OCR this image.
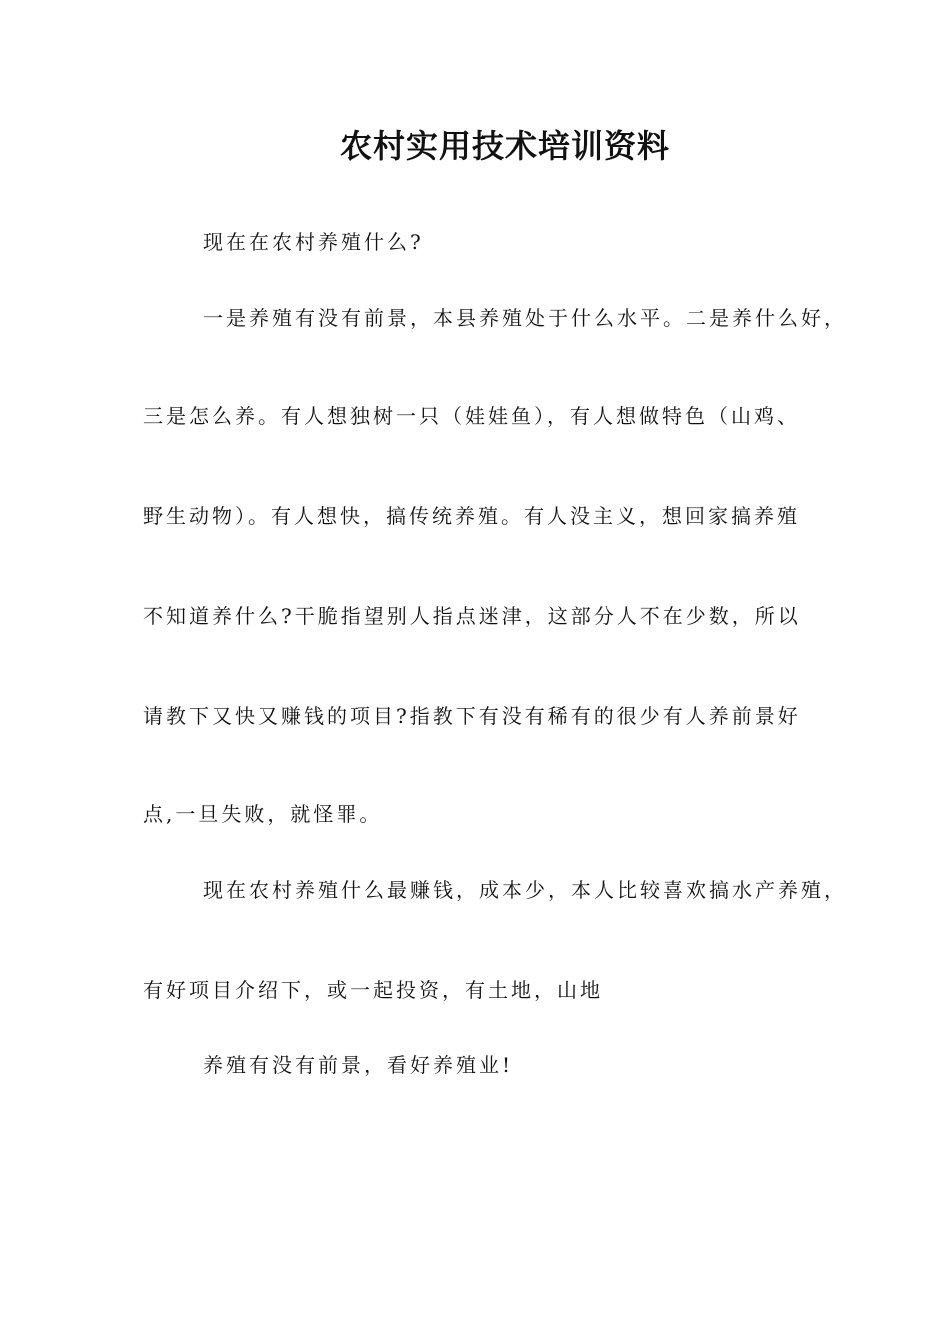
农村实用技术培训资料
现在在农村养殖什么?
一是养殖有没有前景，本县养殖处于什么水平。二是养什么好，
三是怎么养。有人想独树一只（娃娃鱼），有人想做特色（山鸡、
野生动物）。有人想快，搞传统养殖。有人没主义，想回家搞养殖
不知道养什么?干脆指望别人指点迷津，这部分人不在少数，所以
请教下又快又赚钱的项目?指教下有没有稀有的很少有人养前景好
点,一旦失败，就怪罪。
现在农村养殖什么最赚钱，成本少，本人比较喜欢搞水产养殖，
有好项目介绍下，或一起投资，有土地，山地
养殖有没有前景，看好养殖业!
